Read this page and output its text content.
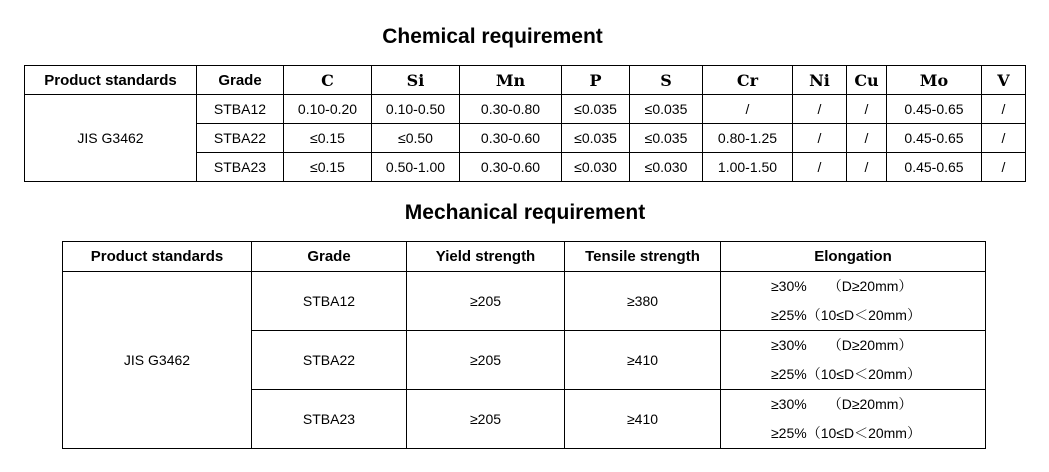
Chemical requirement
Product standards	Grade	C	Si	Mn	P	S	Cr	Ni	Cu	Mo	V
JIS G3462	STBA12	0.10-0.20	0.10-0.50	0.30-0.80	≤0.035	≤0.035	/	/	/	0.45-0.65	/
	STBA22	≤0.15	≤0.50	0.30-0.60	≤0.035	≤0.035	0.80-1.25	/	/	0.45-0.65	/
	STBA23	≤0.15	0.50-1.00	0.30-0.60	≤0.030	≤0.030	1.00-1.50	/	/	0.45-0.65	/
Mechanical requirement
Product standards	Grade	Yield strength	Tensile strength	Elongation
JIS G3462	STBA12	≥205	≥380	≥30%　　（D≥20mm）
≥25%（10≤D＜20mm）

	STBA22	≥205	≥410	≥30%　　（D≥20mm）
≥25%（10≤D＜20mm）

	STBA23	≥205	≥410	≥30%　　（D≥20mm）
≥25%（10≤D＜20mm）
